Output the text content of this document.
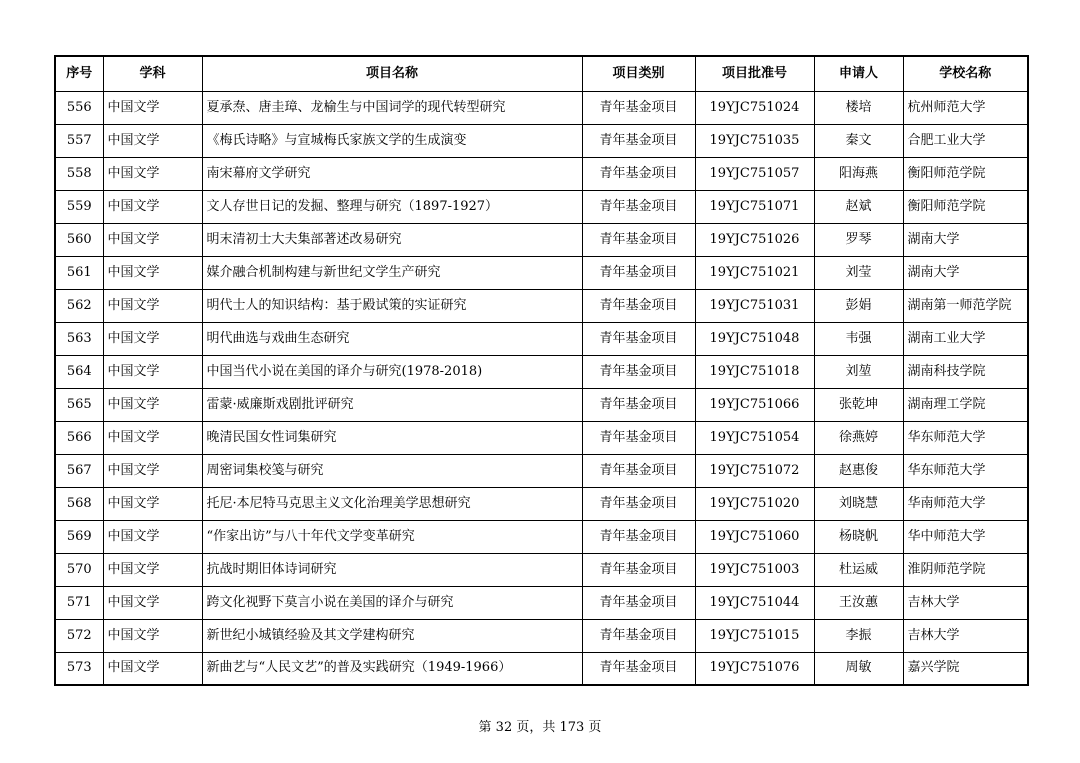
序号	学科	项目名称	项目类别	项目批准号	申请人	学校名称
556	中国文学	夏承焘、唐圭璋、龙榆生与中国词学的现代转型研究	青年基金项目	19YJC751024	楼培	杭州师范大学
557	中国文学	《梅氏诗略》与宣城梅氏家族文学的生成演变	青年基金项目	19YJC751035	秦文	合肥工业大学
558	中国文学	南宋幕府文学研究	青年基金项目	19YJC751057	阳海燕	衡阳师范学院
559	中国文学	文人存世日记的发掘、整理与研究（1897-1927）	青年基金项目	19YJC751071	赵斌	衡阳师范学院
560	中国文学	明末清初士大夫集部著述改易研究	青年基金项目	19YJC751026	罗琴	湖南大学
561	中国文学	媒介融合机制构建与新世纪文学生产研究	青年基金项目	19YJC751021	刘莹	湖南大学
562	中国文学	明代士人的知识结构：基于殿试策的实证研究	青年基金项目	19YJC751031	彭娟	湖南第一师范学院
563	中国文学	明代曲选与戏曲生态研究	青年基金项目	19YJC751048	韦强	湖南工业大学
564	中国文学	中国当代小说在美国的译介与研究(1978-2018)	青年基金项目	19YJC751018	刘堃	湖南科技学院
565	中国文学	雷蒙·威廉斯戏剧批评研究	青年基金项目	19YJC751066	张乾坤	湖南理工学院
566	中国文学	晚清民国女性词集研究	青年基金项目	19YJC751054	徐燕婷	华东师范大学
567	中国文学	周密词集校笺与研究	青年基金项目	19YJC751072	赵惠俊	华东师范大学
568	中国文学	托尼·本尼特马克思主义文化治理美学思想研究	青年基金项目	19YJC751020	刘晓慧	华南师范大学
569	中国文学	“作家出访”与八十年代文学变革研究	青年基金项目	19YJC751060	杨晓帆	华中师范大学
570	中国文学	抗战时期旧体诗词研究	青年基金项目	19YJC751003	杜运威	淮阴师范学院
571	中国文学	跨文化视野下莫言小说在美国的译介与研究	青年基金项目	19YJC751044	王汝蕙	吉林大学
572	中国文学	新世纪小城镇经验及其文学建构研究	青年基金项目	19YJC751015	李振	吉林大学
573	中国文学	新曲艺与“人民文艺”的普及实践研究（1949-1966）	青年基金项目	19YJC751076	周敏	嘉兴学院
第 32 页，共 173 页
